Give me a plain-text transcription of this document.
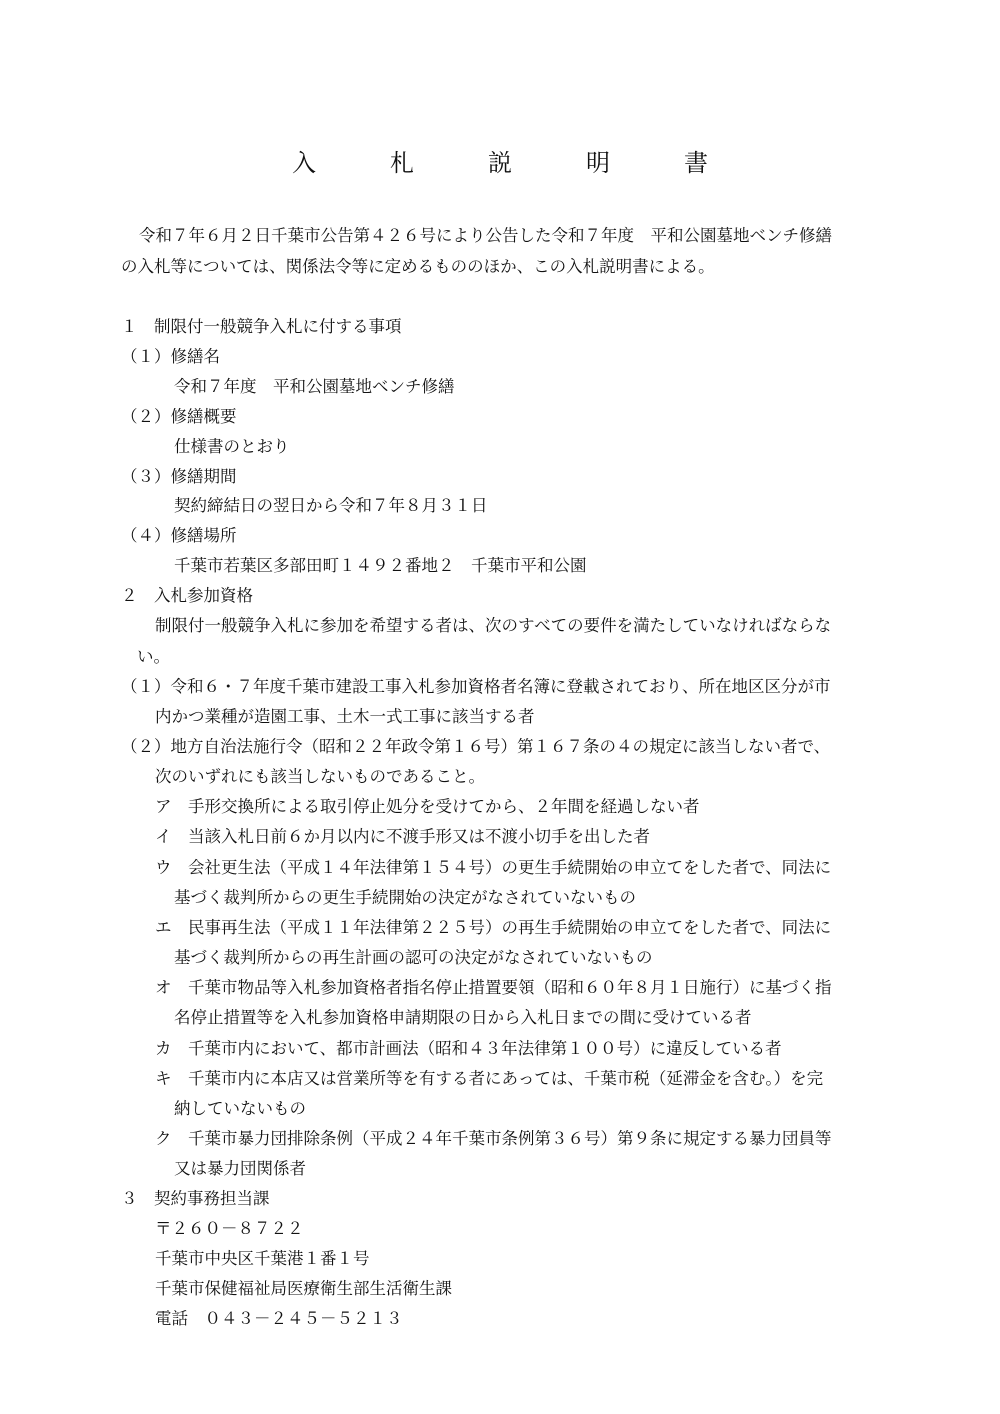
入札説明書
令和７年６月２日千葉市公告第４２６号により公告した令和７年度　平和公園墓地ベンチ修繕
の入札等については、関係法令等に定めるもののほか、この入札説明書による。
１　制限付一般競争入札に付する事項
（１）修繕名
令和７年度　平和公園墓地ベンチ修繕
（２）修繕概要
仕様書のとおり
（３）修繕期間
契約締結日の翌日から令和７年８月３１日
（４）修繕場所
千葉市若葉区多部田町１４９２番地２　千葉市平和公園
２　入札参加資格
制限付一般競争入札に参加を希望する者は、次のすべての要件を満たしていなければならな
い。
（１）令和６・７年度千葉市建設工事入札参加資格者名簿に登載されており、所在地区区分が市
内かつ業種が造園工事、土木一式工事に該当する者
（２）地方自治法施行令（昭和２２年政令第１６号）第１６７条の４の規定に該当しない者で、
次のいずれにも該当しないものであること。
ア　手形交換所による取引停止処分を受けてから、２年間を経過しない者
イ　当該入札日前６か月以内に不渡手形又は不渡小切手を出した者
ウ　会社更生法（平成１４年法律第１５４号）の更生手続開始の申立てをした者で、同法に
基づく裁判所からの更生手続開始の決定がなされていないもの
エ　民事再生法（平成１１年法律第２２５号）の再生手続開始の申立てをした者で、同法に
基づく裁判所からの再生計画の認可の決定がなされていないもの
オ　千葉市物品等入札参加資格者指名停止措置要領（昭和６０年８月１日施行）に基づく指
名停止措置等を入札参加資格申請期限の日から入札日までの間に受けている者
カ　千葉市内において、都市計画法（昭和４３年法律第１００号）に違反している者
キ　千葉市内に本店又は営業所等を有する者にあっては、千葉市税（延滞金を含む。）を完
納していないもの
ク　千葉市暴力団排除条例（平成２４年千葉市条例第３６号）第９条に規定する暴力団員等
又は暴力団関係者
３　契約事務担当課
〒２６０－８７２２
千葉市中央区千葉港１番１号
千葉市保健福祉局医療衛生部生活衛生課
電話　０４３－２４５－５２１３
